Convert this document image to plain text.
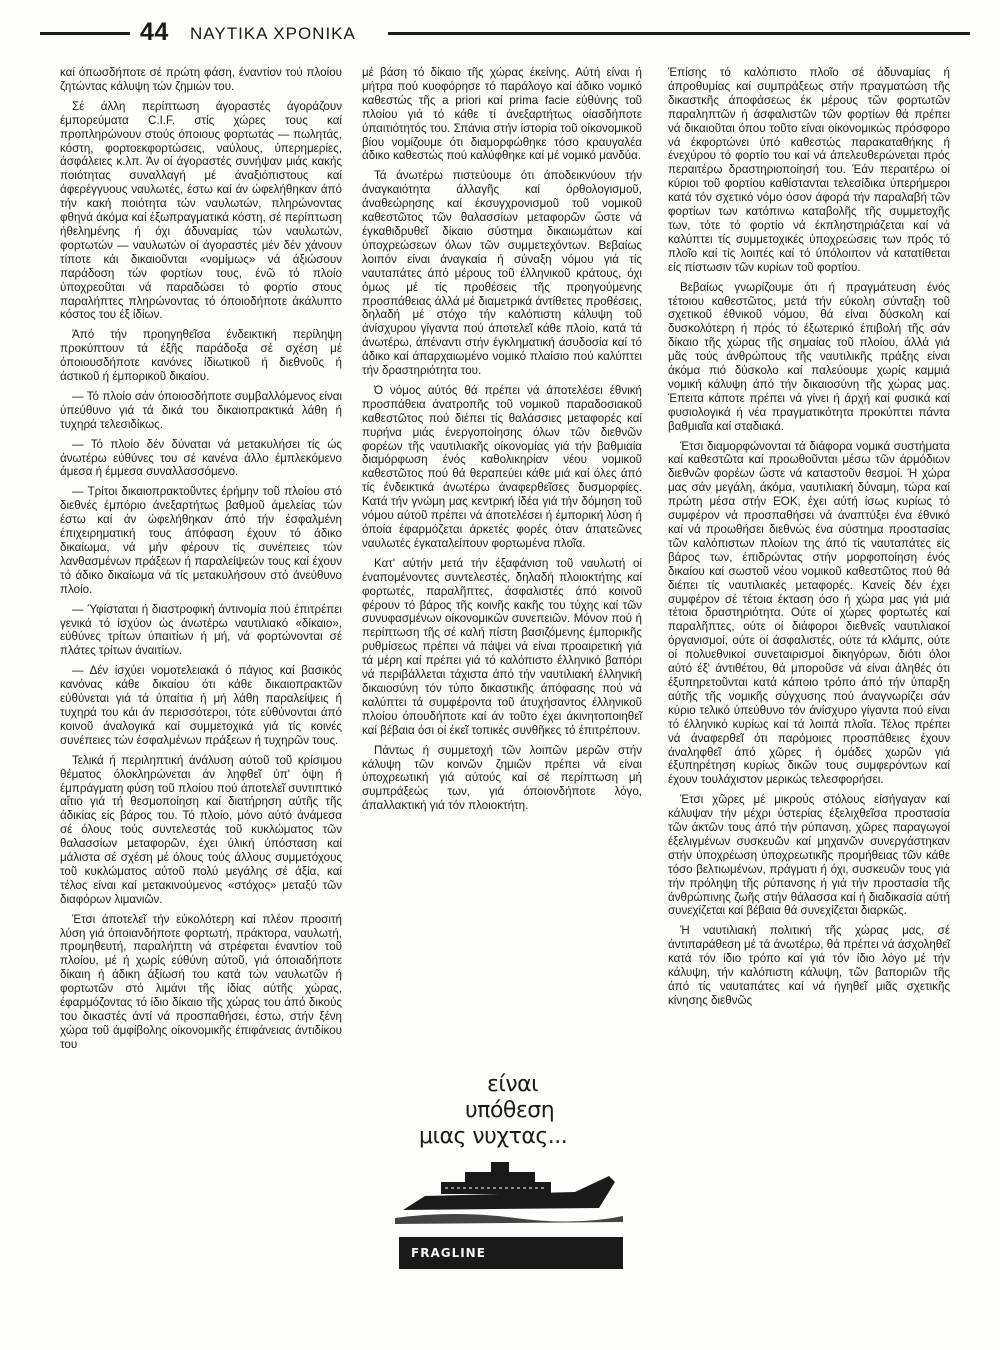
44 ΝΑΥΤΙΚΑ ΧΡΟΝΙΚΑ

καί όπωσδήποτε σέ πρώτη φάση, έναντίον τού πλοίου ζητώντας κάλυψη τών ζημιών του.

Σέ άλλη περίπτωση άγοραστές άγοράζουν έμπορεύματα C.I.F. στίς χώρες τους καί προπληρώνουν στούς όποιους φορτωτάς — πωλητάς, κόστη, φορτοεκφορτώσεις, ναύλους, ύπερημερίες, άσφάλειες κ.λπ. Άν οί άγοραστές συνήψαν μιάς κακής ποιότητας συναλλαγή μέ άναξιόπιστους καί άφερέγγυους ναυλωτές, έστω καί άν ώφελήθηκαν άπό τήν κακή ποιότητα τών ναυλωτών, πληρώνοντας φθηνά άκόμα καί έξωπραγματικά κόστη, σέ περίπτωση ήθελημένης ή όχι άδυναμίας τών ναυλωτών, φορτωτών — ναυλωτών οί άγοραστές μέν δέν χάνουν τίποτε κάι δικαιοῦνται «νομίμως» νά άξιώσουν παράδοση τών φορτίων τους, ένῶ τό πλοίο ύποχρεοῦται νά παραδώσει τό φορτίο στους παραλήπτες πληρώνοντας τό όποιοδήποτε άκάλυπτο κόστος του έξ ίδίων.

Άπό τήν προηγηθεῖσα ένδεικτική περίληψη προκύπτουν τά έξῆς παράδοξα σέ σχέση μέ όποιουσδήποτε κανόνες ίδιωτικοῦ ή διεθνοῦς ή άστικοῦ ή έμπορικοῦ δικαίου.

— Τό πλοίο σάν όποιοσδήποτε συμβαλλόμενος είναι ύπεύθυνο γιά τά δικά του δικαιοπρακτικά λάθη ή τυχηρά τελεσιδίκως.

— Τό πλοίο δέν δύναται νά μετακυλήσει τίς ώς άνωτέρω εύθύνες του σέ κανένα άλλο έμπλεκόμενο άμεσα ή έμμεσα συναλλασσόμενο.

— Τρίτοι δικαιοπρακτοῦντες έρήμην τοῦ πλοίου στό διεθνές έμπόριο άνεξαρτήτως βαθμοῦ άμελείας τών έστω καί άν ώφελήθηκαν άπό τήν έσφαλμένη έπιχειρηματική τους άπόφαση έχουν τό άδικο δικαίωμα, νά μήν φέρουν τίς συνέπειες τών λανθασμένων πράξεων ή παραλείψεών τους καί έχουν τό άδικο δικαίωμα νά τίς μετακυλήσουν στό άνεύθυνο πλοίο.

— Ύφίσταται ή διαστροφική άντινομία πού έπιτρέπει γενικά τό ίσχύον ώς άνωτέρω ναυτιλιακό «δίκαιο», εύθύνες τρίτων ύπαιτίων ή μή, νά φορτώνονται σέ πλάτες τρίτων άναιτίων.

— Δέν ίσχύει νομοτελειακά ό πάγιος καί βασικός κανόνας κάθε δικαίου ότι κάθε δικαιοπρακτῶν εύθύνεται γιά τά ύπαίτια ή μή λάθη παραλείψεις ή τυχηρά του κάι άν περισσότεροι, τότε εύθύνονται άπό κοινοῦ άναλογικά καί συμμετοχικά γιά τίς κοινές συνέπειες τών έσφαλμένων πράξεων ή τυχηρῶν τους.

Τελικά ή περιληπτική άνάλυση αύτοῦ τοῦ κρίσιμου θέματος όλοκληρώνεται άν ληφθεῖ ύπ' όψη ή έμπράγματη φύση τοῦ πλοίου πού άποτελεῖ συντιπτικό αἴτιο γιά τή θεσμοποίηση καί διατήρηση αύτῆς τῆς άδικίας είς βάρος του. Τό πλοίο, μόνο αύτό άνάμεσα σέ όλους τούς συντελεστάς τοῦ κυκλώματος τῶν θαλασσίων μεταφορῶν, έχει ύλική ύπόσταση καί μάλιστα σέ σχέση μέ όλους τούς άλλους συμμετόχους τοῦ κυκλώματος αύτοῦ πολύ μεγάλης σέ άξία, καί τέλος είναι καί μετακινούμενος «στόχος» μεταξύ τῶν διαφόρων λιμανιῶν.

Έτσι άποτελεῖ τήν εύκολότερη καί πλέον προσιτή λύση γιά όποιανδήποτε φορτωτή, πράκτορα, ναυλωτή, προμηθευτή, παραλήπτη νά στρέφεται έναντίον τοῦ πλοίου, μέ ή χωρίς εύθύνη αύτοῦ, γιά όποιαδήποτε δίκαιη ή άδικη άξίωσή του κατά τών ναυλωτῶν ή φορτωτῶν στό λιμάνι τῆς ίδίας αύτῆς χώρας, έφαρμόζοντας τό ίδιο δίκαιο τῆς χώρας του άπό δικούς του δικαστές άντί νά προσπαθήσει, έστω, στήν ξένη χώρα τοῦ άμφίβολης οίκονομικῆς έπιφάνειας άντιδίκου του

μέ βάση τό δίκαιο τῆς χώρας έκείνης. Αύτή είναι ή μήτρα πού κυοφόρησε τό παράλογο καί άδικο νομικό καθεστώς τῆς a priori καί prima facie εύθύνης τοῦ πλοίου γιά τό κάθε τί άνεξαρτήτως οίασδήποτε ύπαιτιότητός του. Σπάνια στήν ίστορία τοῦ οίκονομικοῦ βίου νομίζουμε ότι διαμορφώθηκε τόσο κραυγαλέα άδικο καθεστώς πού καλύφθηκε καί μέ νομικό μανδύα.

Τά άνωτέρω πιστεύουμε ότι άποδεικνύουν τήν άναγκαιότητα άλλαγῆς καί όρθολογισμοῦ, άναθεώρησης καί έκσυγχρονισμοῦ τοῦ νομικοῦ καθεστῶτος τῶν θαλασσίων μεταφορῶν ὥστε νά έγκαθιδρυθεῖ δίκαιο σύστημα δικαιωμάτων καί ύποχρεώσεων όλων τῶν συμμετεχόντων. Βεβαίως λοιπόν είναι άναγκαία ή σύναξη νόμου γιά τίς ναυταπάτες άπό μέρους τοῦ έλληνικοῦ κράτους, όχι όμως μέ τίς προθέσεις τῆς προηγούμενης προσπάθειας άλλά μέ διαμετρικά άντίθετες προθέσεις, δηλαδή μέ στόχο τήν καλόπιστη κάλυψη τοῦ άνίσχυρου γίγαντα πού άποτελεῖ κάθε πλοίο, κατά τά άνωτέρω, άπέναντι στήν έγκληματική άσυδοσία καί τό άδικο καί άπαρχαιωμένο νομικό πλαίσιο πού καλύπτει τήν δραστηριότητα του.

Ό νόμος αύτός θά πρέπει νά άποτελέσει έθνική προσπάθεια άνατροπῆς τοῦ νομικοῦ παραδοσιακοῦ καθεστῶτος πού διέπει τίς θαλάσσιες μεταφορές καί πυρήνα μιάς ένεργοποίησης όλων τῶν διεθνῶν φορέων τῆς ναυτιλιακῆς οίκονομίας γιά τήν βαθμιαία διαμόρφωση ένός καθολικηρίαν νέου νομικοῦ καθεστῶτος πού θά θεραπεύει κάθε μιά καί όλες άπό τίς ένδεικτικά άνωτέρω άναφερθεῖσες δυσμορφίες. Κατά τήν γνώμη μας κεντρική ίδέα γιά τήν δόμηση τοῦ νόμου αύτοῦ πρέπει νά άποτελέσει ή έμπορική λύση ή όποία έφαρμόζεται άρκετές φορές όταν άπατεῶνες ναυλωτές έγκαταλείπουν φορτωμένα πλοῖα.

Κατ' αύτήν μετά τήν έξαφάνιση τοῦ ναυλωτή οί έναπομένοντες συντελεστές, δηλαδή πλοιοκτήτης καί φορτωτές, παραλῆπτες, άσφαλιστές άπό κοινοῦ φέρουν τό βάρος τῆς κοινῆς κακῆς του τύχης καί τῶν συνυφασμένων οίκονομικῶν συνεπειῶν. Μόνον πού ή περίπτωση τῆς σέ καλή πίστη βασιζόμενης έμπορικῆς ρυθμίσεως πρέπει νά πάψει νά είναι προαιρετική γιά τά μέρη καί πρέπει γιά τό καλόπιστο έλληνικό βαπόρι νά περιβάλλεται τάχιστα άπό τήν ναυτιλιακή έλληνική δικαιοσύνη τόν τύπο δικαστικῆς άπόφασης πού νά καλύπτει τά συμφέροντα τοῦ άτυχήσαντος έλληνικοῦ πλοίου όπουδήποτε καί άν τοῦτο έχει άκινητοποιηθεῖ καί βέβαια όσι οί έκεῖ τοπικές συνθῆκες τό έπιτρέπουν.

Πάντως ή συμμετοχή τῶν λοιπῶν μερῶν στήν κάλυψη τῶν κοινῶν ζημιῶν πρέπει νά είναι ύποχρεωτική γιά αύτούς καί σέ περίπτωση μή συμπράξεώς των, γιά όποιονδήποτε λόγο, άπαλλακτική γιά τόν πλοιοκτήτη.

Έπίσης τό καλόπιστο πλοῖο σέ άδυναμίας ή άπροθυμίας καί συμπράξεως στήν πραγματώση τῆς δικαστκῆς άποφάσεως έκ μέρους τῶν φορτωτῶν παραληπτῶν ή άσφαλιστῶν τῶν φορτίων θά πρέπει νά δικαιοῦται όπου τοῦτο είναι οίκονομικώς πρόσφορο νά έκφορτώνει ύπό καθεστώς παρακαταθήκης ή ένεχύρου τό φορτίο του καί νά άπελευθερώνεται πρός περαιτέρω δραστηριοποίησή του. Έάν περαιτέρω οί κύριοι τοῦ φορτίου καθίστανται τελεσίδικα ύπερήμεροι κατά τόν σχετικό νόμο όσον άφορά τήν παραλαβή τῶν φορτίων των κατόπινω καταβολῆς τῆς συμμετοχῆς των, τότε τό φορτίο νά έκπληστηριάζεται καί νά καλύπτει τίς συμμετοχικές ύποχρεώσεις των πρός τό πλοῖο καί τίς λοιπές καί τό ύπόλοιπον νά κατατίθεται είς πίστωσιν τῶν κυρίων τοῦ φορτίου.

Βεβαίως γνωρίζουμε ότι ή πραγμάτευση ένός τέτοιου καθεστῶτος, μετά τήν εύκολη σύνταξη τοῦ σχετικοῦ έθνικοῦ νόμου, θά είναι δύσκολη καί δυσκολότερη ή πρός τό έξωτερικό έπιβολή τῆς σάν δίκαιο τῆς χώρας τῆς σημαίας τοῦ πλοίου, άλλά γιά μᾶς τούς άνθρώπους τῆς ναυτιλικῆς πράξης είναι άκόμα πιό δύσκολο καί παλεύουμε χωρίς καμμιά νομική κάλυψη άπό τήν δικαιοσύνη τῆς χώρας μας. Έπειτα κάποτε πρέπει νά γίνει ή άρχή καί φυσικά καί φυσιολογικά ή νέα πραγματικότητα προκύπτει πάντα βαθμιαῖα καί σταδιακά.

Έτσι διαμορφώνονται τά διάφορα νομικά συστήματα καί καθεστῶτα καί προωθοῦνται μέσω τῶν άρμόδιων διεθνῶν φορέων ὥστε νά καταστοῦν θεσμοί. Ή χώρα μας σάν μεγάλη, άκόμα, ναυτιλιακή δύναμη, τώρα καί πρώτη μέσα στήν ΕΟΚ, έχει αύτή ίσως κυρίως τό συμφέρον νά προσπαθήσει νά άναπτύξει ένα έθνικό καί νά προωθήσει διεθνώς ένα σύστημα προστασίας τῶν καλόπιστων πλοίων της άπό τίς ναυταπάτες είς βάρος των, έπιδρώντας στήν μορφοποίηση ένός δικαίου καί σωστοῦ νέου νομικοῦ καθεστῶτος πού θά διέπει τίς ναυτιλιακές μεταφορές. Κανείς δέν έχει συμφέρον σέ τέτοια έκταση όσο ή χώρα μας γιά μιά τέτοια δραστηριότητα. Ούτε οί χώρες φορτωτές καί παραλῆπτες, ούτε οί διάφοροι διεθνεῖς ναυτιλιακοί όργανισμοί, ούτε οί άσφαλιστές, ούτε τά κλάμπς, ούτε οί πολυεθνικοί συνεταιρισμοί δικηγόρων, διότι όλοι αύτό έξ' άντιθέτου, θά μποροῦσε νά είναι άληθές ότι έξυπηρετοῦνται κατά κάποιο τρόπο άπό τήν ύπαρξη αύτῆς τῆς νομικῆς σύγχυσης πού άναγνωρίζει σάν κύριο τελικό ύπεύθυνο τόν άνίσχυρο γίγαντα πού είναι τό έλληνικό κυρίως καί τά λοιπά πλοῖα. Τέλος πρέπει νά άναφερθεῖ ότι παρόμοιες προσπάθειες έχουν άναληφθεῖ άπό χῶρες ή όμάδες χωρῶν γιά έξυπηρέτηση κυρίως δικῶν τους συμφερόντων καί έχουν τουλάχιστον μερικώς τελεσφορήσει.

Έτσι χῶρες μέ μικρούς στόλους είσήγαγαν καί κάλυψαν τήν μέχρι ύστερίας έξελιχθεῖσα προστασία τῶν άκτῶν τους άπό τήν ρύπανση, χῶρες παραγωγοί έξελιγμένων συσκευῶν καί μηχανῶν συνεργάστηκαν στήν ύποχρέωση ύποχρεωτικῆς προμήθειας τῶν κάθε τόσο βελτιωμένων, πράγματι ή όχι, συσκευῶν τους γιά τήν πρόληψη τῆς ρύπανσης ή γιά τήν προστασία τῆς άνθρώπινης ζωῆς στήν θάλασσα καί ή διαδικασία αύτή συνεχίζεται καί βέβαια θά συνεχίζεται διαρκῶς.

Ή ναυτιλιακή πολιτική τῆς χώρας μας, σέ άντιπαράθεση μέ τά άνωτέρω, θά πρέπει νά άσχοληθεῖ κατά τόν ίδιο τρόπο καί γιά τόν ίδιο λόγο μέ τήν κάλυψη, τήν καλόπιστη κάλυψη, τῶν βαποριῶν τῆς άπό τίς ναυταπάτες καί νά ήγηθεῖ μιᾶς σχετικῆς κίνησης διεθνῶς

είναι
υπόθεση
μιας νυχτας...
FRAGLINE
